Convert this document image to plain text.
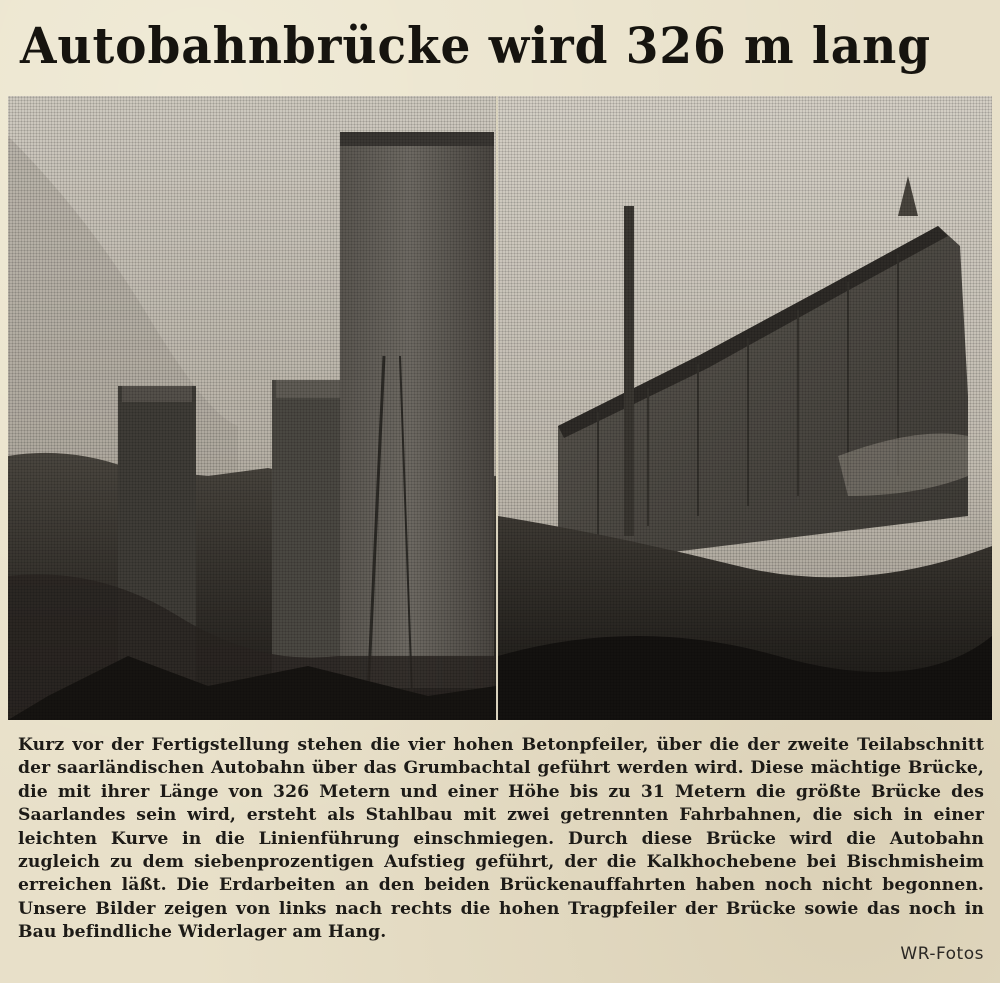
Autobahnbrücke wird 326 m lang

Kurz vor der Fertigstellung stehen die vier hohen Betonpfeiler, über die der zweite Teilabschnitt der saarländischen Autobahn über das Grumbachtal geführt werden wird. Diese mächtige Brücke, die mit ihrer Länge von 326 Metern und einer Höhe bis zu 31 Metern die größte Brücke des Saarlandes sein wird, ersteht als Stahlbau mit zwei getrennten Fahrbahnen, die sich in einer leichten Kurve in die Linienführung einschmiegen. Durch diese Brücke wird die Autobahn zugleich zu dem siebenprozentigen Aufstieg geführt, der die Kalkhochebene bei Bischmisheim erreichen läßt. Die Erdarbeiten an den beiden Brückenauffahrten haben noch nicht begonnen. Unsere Bilder zeigen von links nach rechts die hohen Tragpfeiler der Brücke sowie das noch in Bau befindliche Widerlager am Hang.

WR-Fotos
